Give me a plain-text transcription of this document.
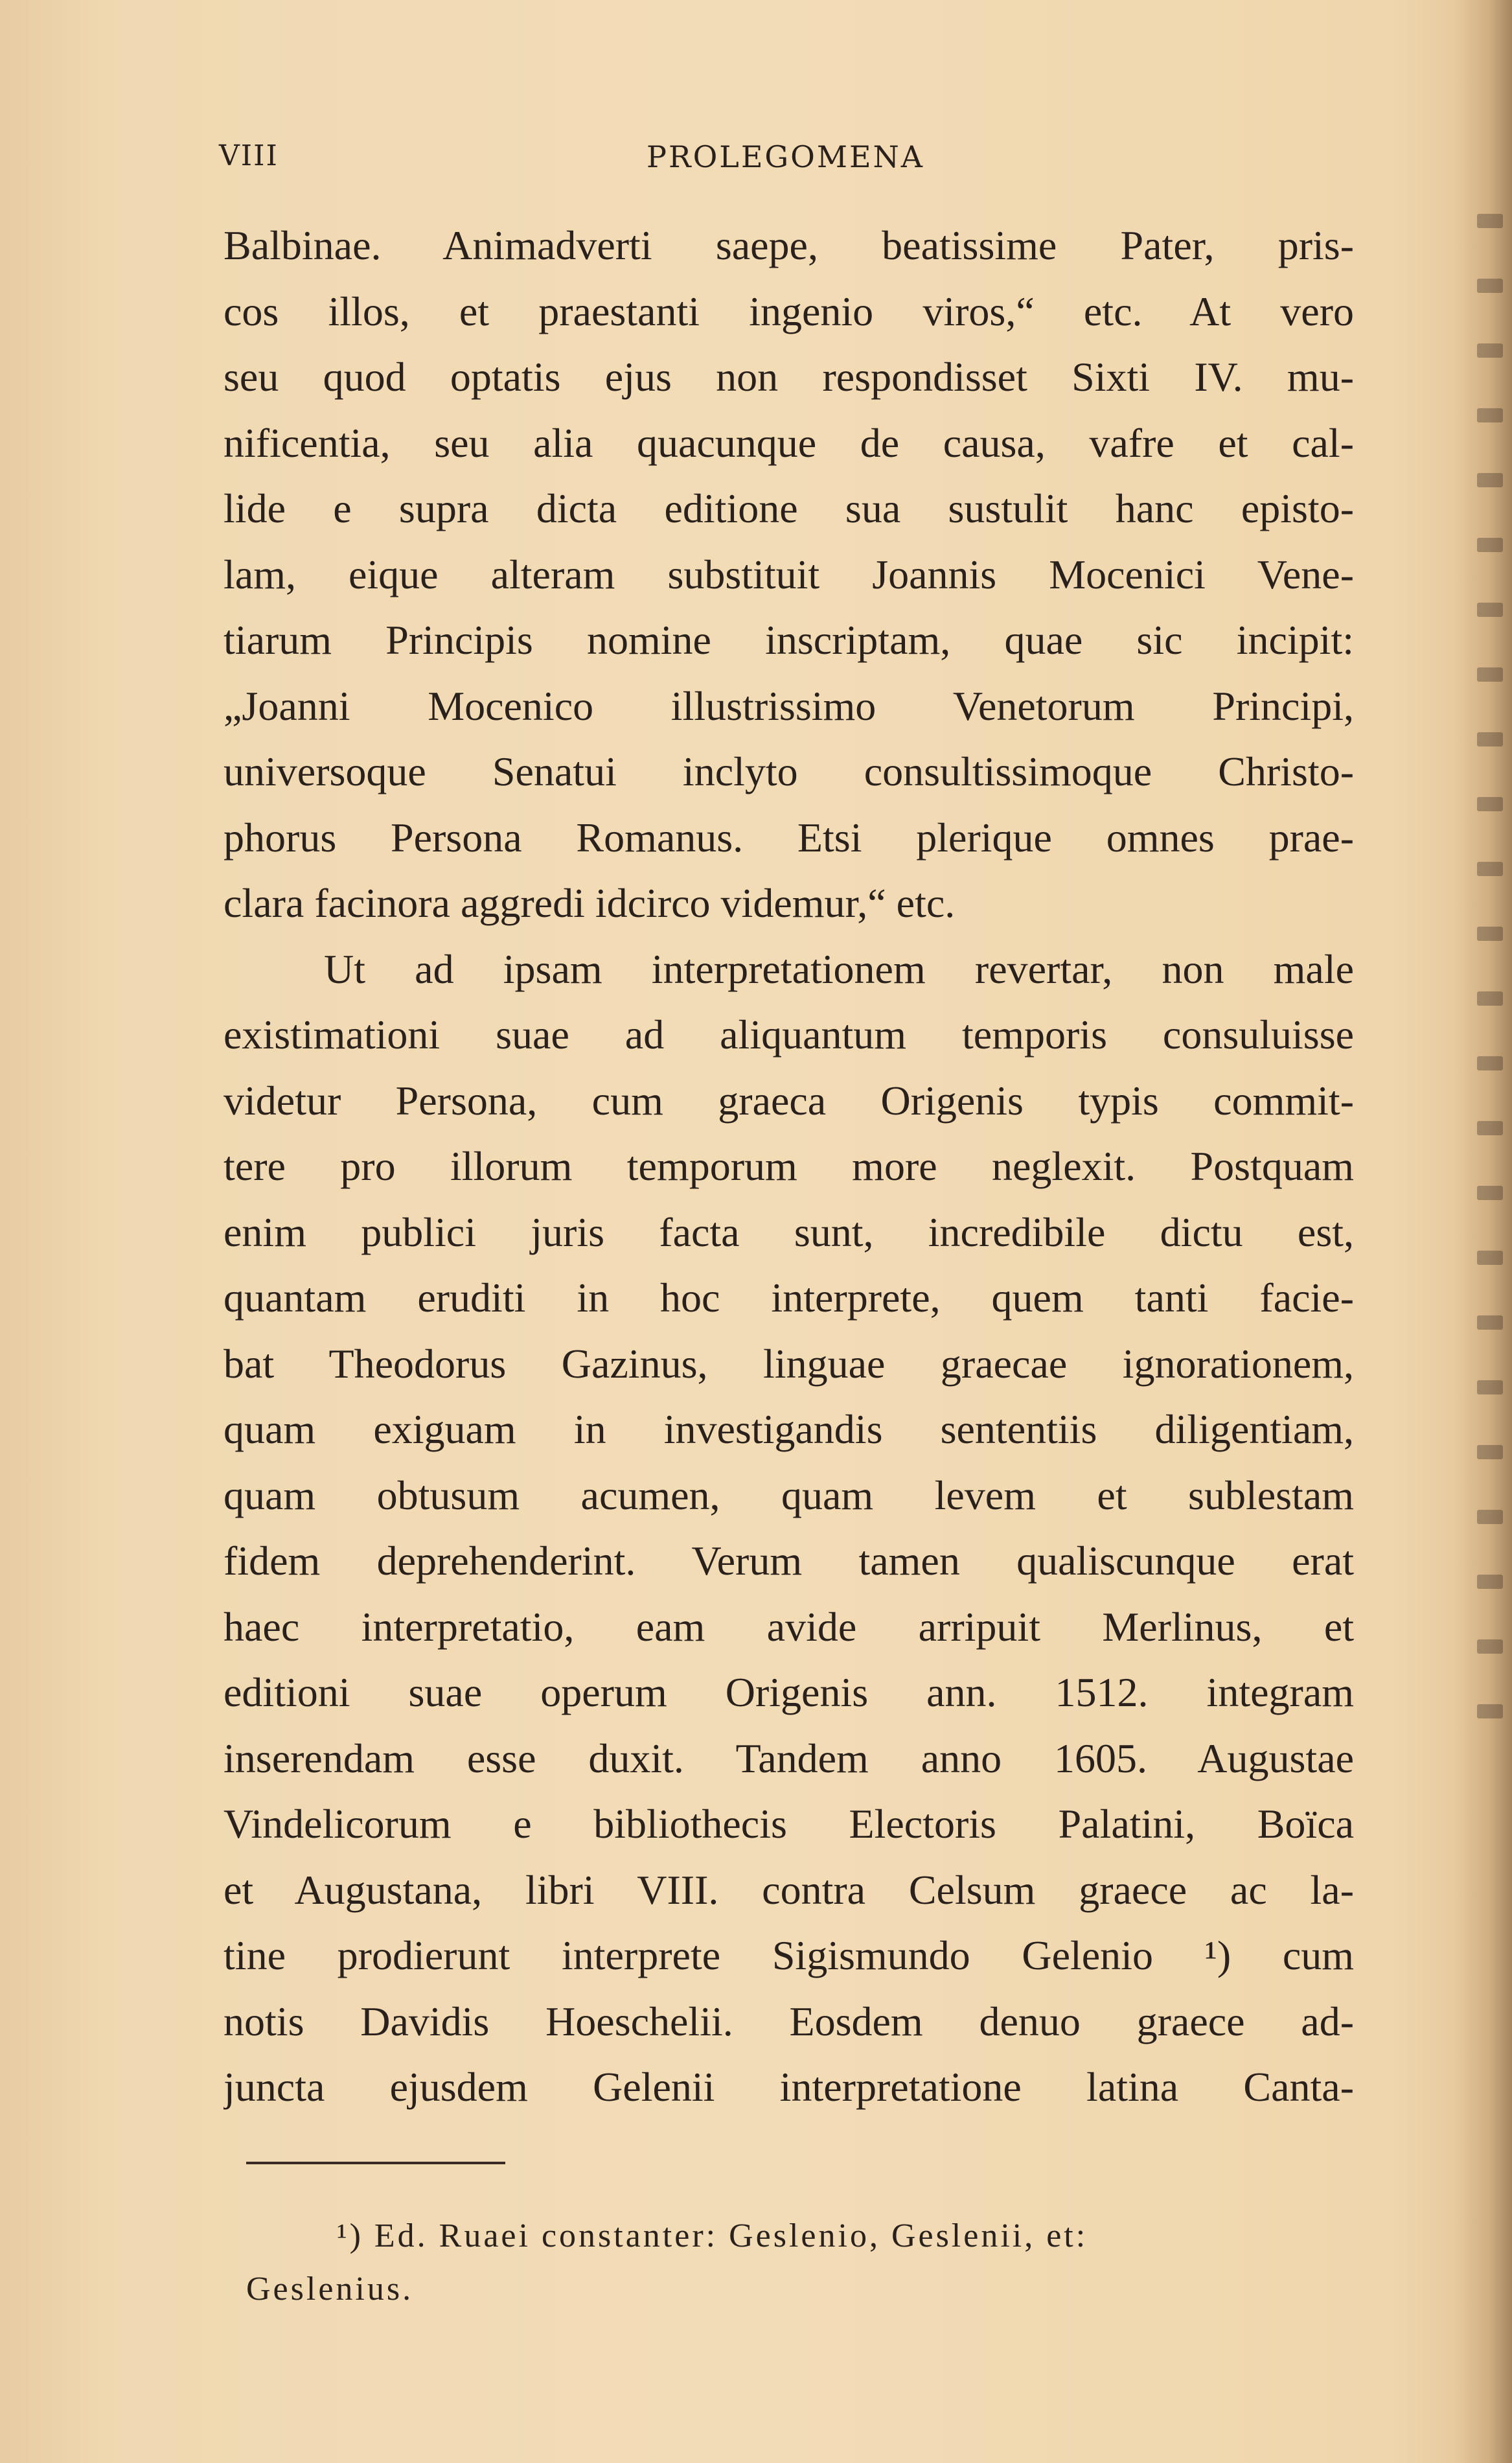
VIII	PROLEGOMENA
Balbinae. Animadverti saepe, beatissime Pater, pris-
cos illos, et praestanti ingenio viros,“ etc. At vero
seu quod optatis ejus non respondisset Sixti IV. mu-
nificentia, seu alia quacunque de causa, vafre et cal-
lide e supra dicta editione sua sustulit hanc episto-
lam, eique alteram substituit Joannis Mocenici Vene-
tiarum Principis nomine inscriptam, quae sic incipit:
„Joanni Mocenico illustrissimo Venetorum Principi,
universoque Senatui inclyto consultissimoque Christo-
phorus Persona Romanus. Etsi plerique omnes prae-
clara facinora aggredi idcirco videmur,“ etc.
Ut ad ipsam interpretationem revertar, non male
existimationi suae ad aliquantum temporis consuluisse
videtur Persona, cum graeca Origenis typis commit-
tere pro illorum temporum more neglexit. Postquam
enim publici juris facta sunt, incredibile dictu est,
quantam eruditi in hoc interprete, quem tanti facie-
bat Theodorus Gazinus, linguae graecae ignorationem,
quam exiguam in investigandis sententiis diligentiam,
quam obtusum acumen, quam levem et sublestam
fidem deprehenderint. Verum tamen qualiscunque erat
haec interpretatio, eam avide arripuit Merlinus, et
editioni suae operum Origenis ann. 1512. integram
inserendam esse duxit. Tandem anno 1605. Augustae
Vindelicorum e bibliothecis Electoris Palatini, Boïca
et Augustana, libri VIII. contra Celsum graece ac la-
tine prodierunt interprete Sigismundo Gelenio ¹) cum
notis Davidis Hoeschelii. Eosdem denuo graece ad-
juncta ejusdem Gelenii interpretatione latina Canta-
¹) Ed. Ruaei constanter: Geslenio, Geslenii, et:
Geslenius.
